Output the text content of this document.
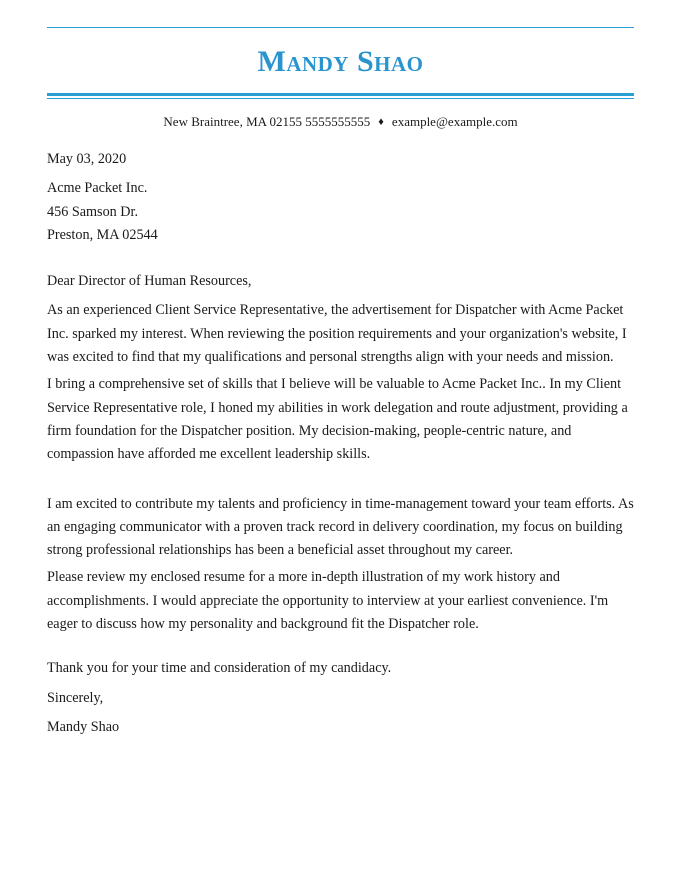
Mandy Shao
New Braintree, MA 02155 5555555555 ♦ example@example.com

May 03, 2020

Acme Packet Inc.

456 Samson Dr.

Preston, MA 02544

Dear Director of Human Resources,

As an experienced Client Service Representative, the advertisement for Dispatcher with Acme Packet Inc. sparked my interest. When reviewing the position requirements and your organization's website, I was excited to find that my qualifications and personal strengths align with your needs and mission.

I bring a comprehensive set of skills that I believe will be valuable to Acme Packet Inc.. In my Client Service Representative role, I honed my abilities in work delegation and route adjustment, providing a firm foundation for the Dispatcher position. My decision-making, people-centric nature, and compassion have afforded me excellent leadership skills.

I am excited to contribute my talents and proficiency in time-management toward your team efforts. As an engaging communicator with a proven track record in delivery coordination, my focus on building strong professional relationships has been a beneficial asset throughout my career.

Please review my enclosed resume for a more in-depth illustration of my work history and accomplishments. I would appreciate the opportunity to interview at your earliest convenience. I'm eager to discuss how my personality and background fit the Dispatcher role.

Thank you for your time and consideration of my candidacy.

Sincerely,

Mandy Shao
